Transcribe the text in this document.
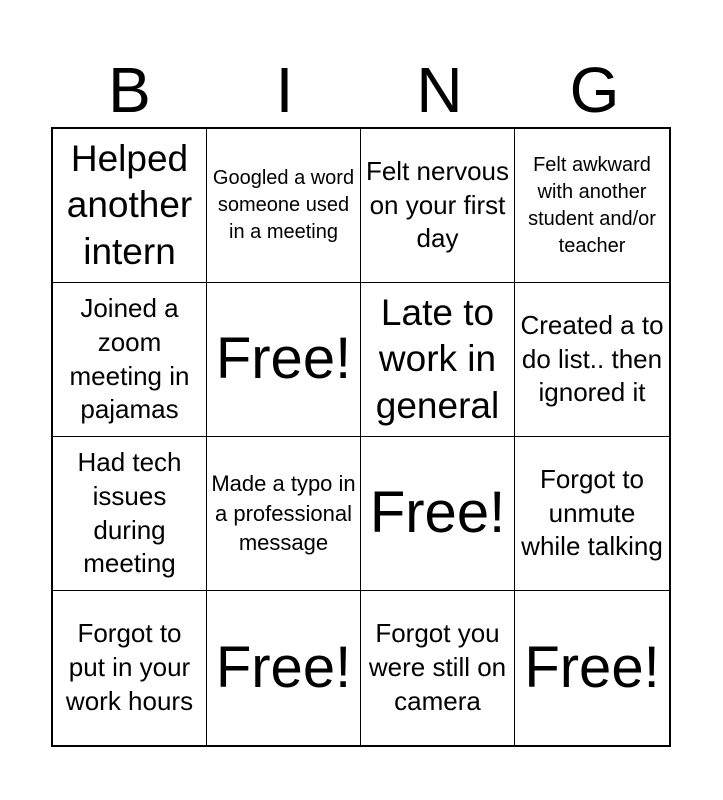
B	I	N	G
Helped another intern
Googled a word someone used in a meeting
Felt nervous on your first day
Felt awkward with another student and/or teacher
Joined a zoom meeting in pajamas
Free!
Late to work in general
Created a to do list.. then ignored it
Had tech issues during meeting
Made a typo in a professional message Free!
Forgot to unmute while talking
Forgot to put in your work hours
Free!
Forgot you were still on camera
Free!
